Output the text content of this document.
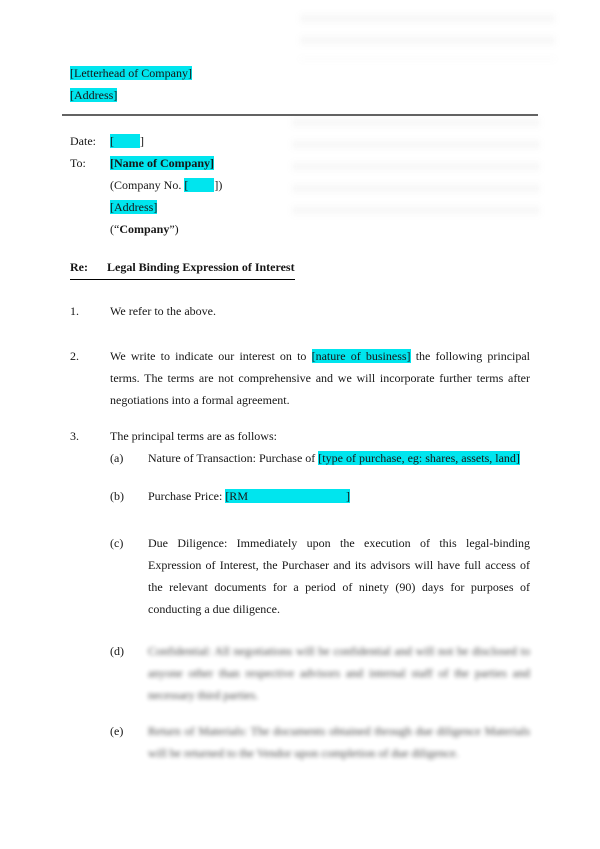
[Letterhead of Company]
[Address]
Date:	[ ]
To:	[Name of Company]
(Company No. [ ])
[Address]
(“Company”)
Re: Legal Binding Expression of Interest
1.	We refer to the above.
2.	We write to indicate our interest on to [nature of business] the following principal terms. The terms are not comprehensive and we will incorporate further terms after negotiations into a formal agreement.
3.	The principal terms are as follows:
(a)	Nature of Transaction: Purchase of [type of purchase, eg: shares, assets, land]
(b)	Purchase Price: [RM	]
(c)	Due Diligence: Immediately upon the execution of this legal-binding Expression of Interest, the Purchaser and its advisors will have full access of the relevant documents for a period of ninety (90) days for purposes of conducting a due diligence.
(d)	Confidential: All negotiations will be confidential and will not be disclosed to anyone other than respective advisors and internal staff of the parties and necessary third parties.
(e)	Return of Materials: The documents obtained through due diligence Materials will be returned to the Vendor upon completion of due diligence.
